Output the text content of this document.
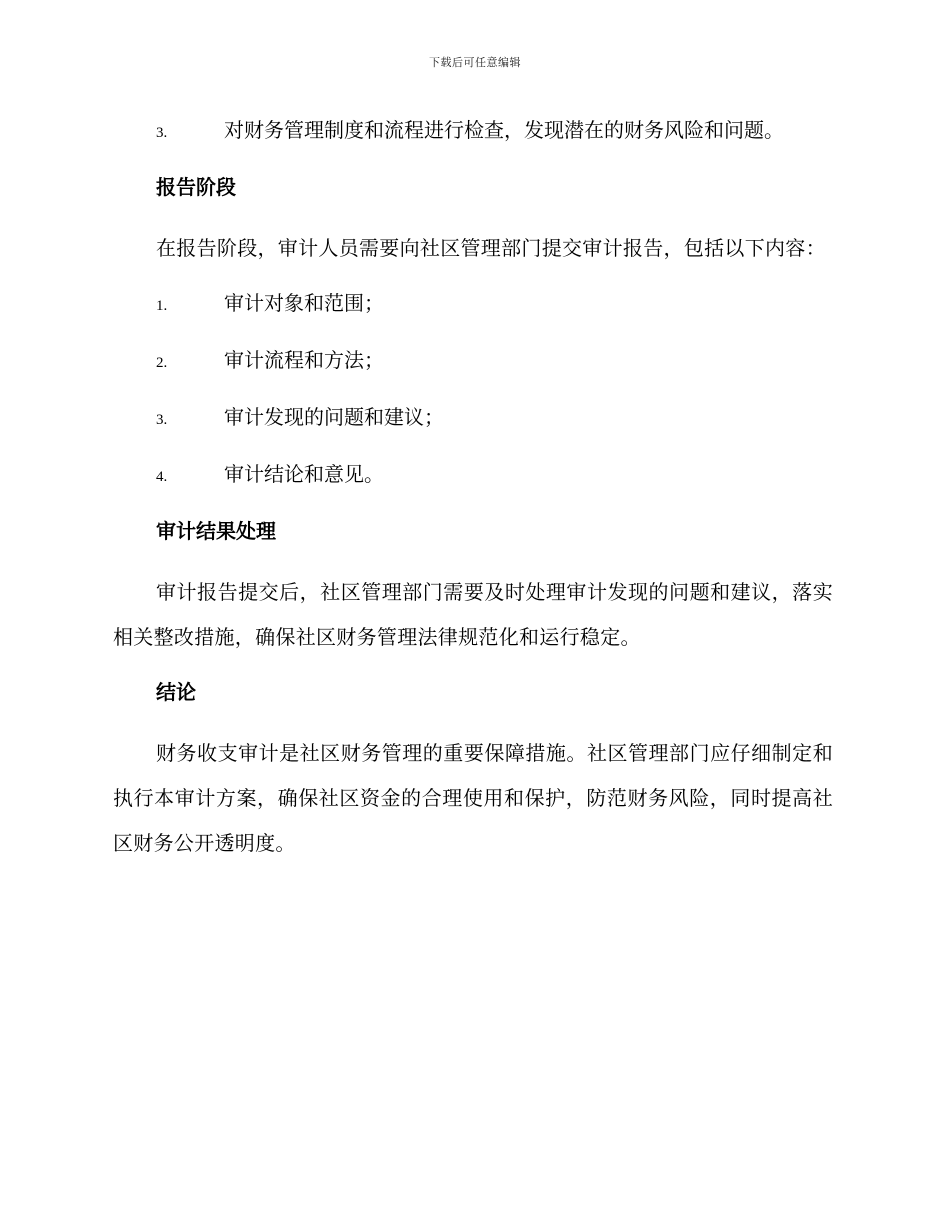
下载后可任意编辑
3.	对财务管理制度和流程进行检查，发现潜在的财务风险和问题。
报告阶段

在报告阶段，审计人员需要向社区管理部门提交审计报告，包括以下内容：

1.	审计对象和范围；
2.	审计流程和方法；
3.	审计发现的问题和建议；
4.	审计结论和意见。
审计结果处理

审计报告提交后，社区管理部门需要及时处理审计发现的问题和建议，落实相关整改措施，确保社区财务管理法律规范化和运行稳定。

结论

财务收支审计是社区财务管理的重要保障措施。社区管理部门应仔细制定和执行本审计方案，确保社区资金的合理使用和保护，防范财务风险，同时提高社区财务公开透明度。
